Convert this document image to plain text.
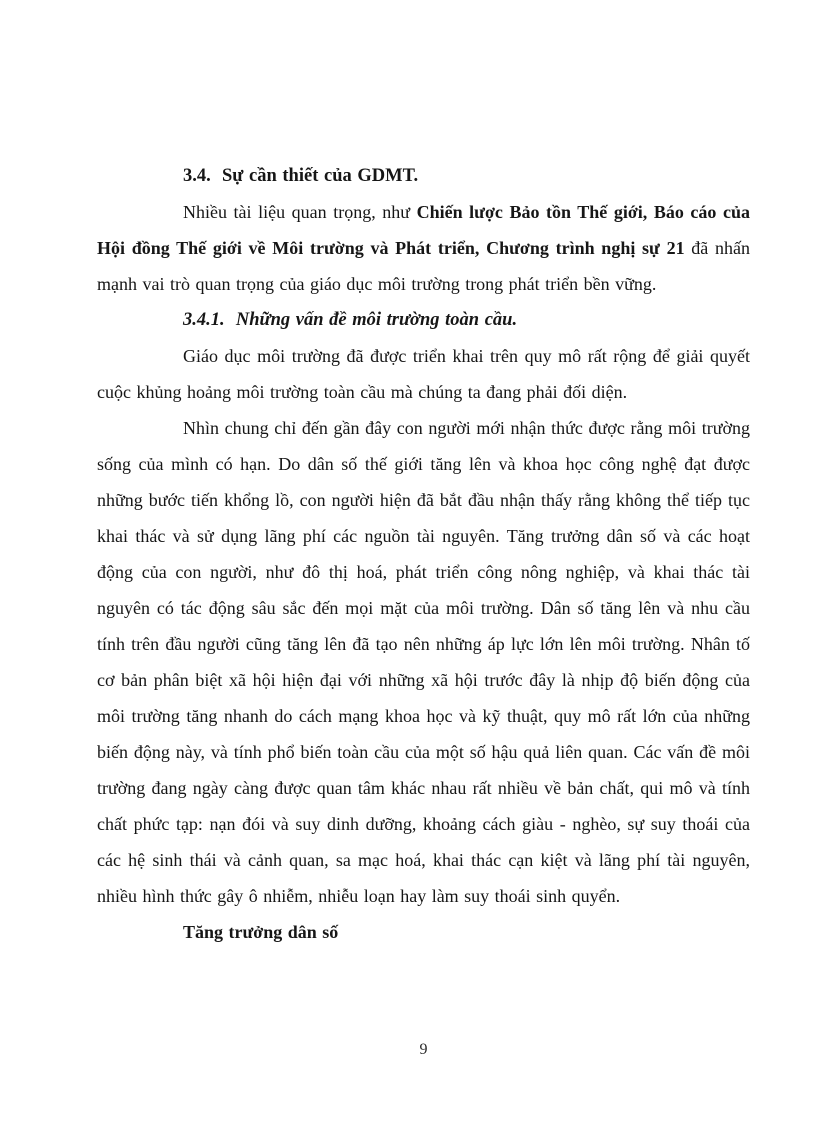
3.4.  Sự cần thiết của GDMT.
Nhiều tài liệu quan trọng, như Chiến lược Bảo tồn Thế giới, Báo cáo của Hội đồng Thế giới về Môi trường và Phát triển, Chương trình nghị sự 21 đã nhấn mạnh vai trò quan trọng của giáo dục môi trường trong phát triển bền vững.
3.4.1.  Những vấn đề môi trường toàn cầu.
Giáo dục môi trường đã được triển khai trên quy mô rất rộng để giải quyết cuộc khủng hoảng môi trường toàn cầu mà chúng ta đang phải đối diện.
Nhìn chung chỉ đến gần đây con người mới nhận thức được rằng môi trường sống của mình có hạn. Do dân số thế giới tăng lên và khoa học công nghệ đạt được những bước tiến khổng lồ, con người hiện đã bắt đầu nhận thấy rằng không thể tiếp tục khai thác và sử dụng lãng phí các nguồn tài nguyên. Tăng trưởng dân số và các hoạt động của con người, như đô thị hoá, phát triển công nông nghiệp, và khai thác tài nguyên có tác động sâu sắc đến mọi mặt của môi trường. Dân số tăng lên và nhu cầu tính trên đầu người cũng tăng lên đã tạo nên những áp lực lớn lên môi trường. Nhân tố cơ bản phân biệt xã hội hiện đại với những xã hội trước đây là nhịp độ biến động của môi trường tăng nhanh do cách mạng khoa học và kỹ thuật, quy mô rất lớn của những biến động này, và tính phổ biến toàn cầu của một số hậu quả liên quan. Các vấn đề môi trường đang ngày càng được quan tâm khác nhau rất nhiều về bản chất, qui mô và tính chất phức tạp: nạn đói và suy dinh dưỡng, khoảng cách giàu - nghèo, sự suy thoái của các hệ sinh thái và cảnh quan, sa mạc hoá, khai thác cạn kiệt và lãng phí tài nguyên, nhiều hình thức gây ô nhiễm, nhiễu loạn hay làm suy thoái sinh quyển.
Tăng trưởng dân số
9
